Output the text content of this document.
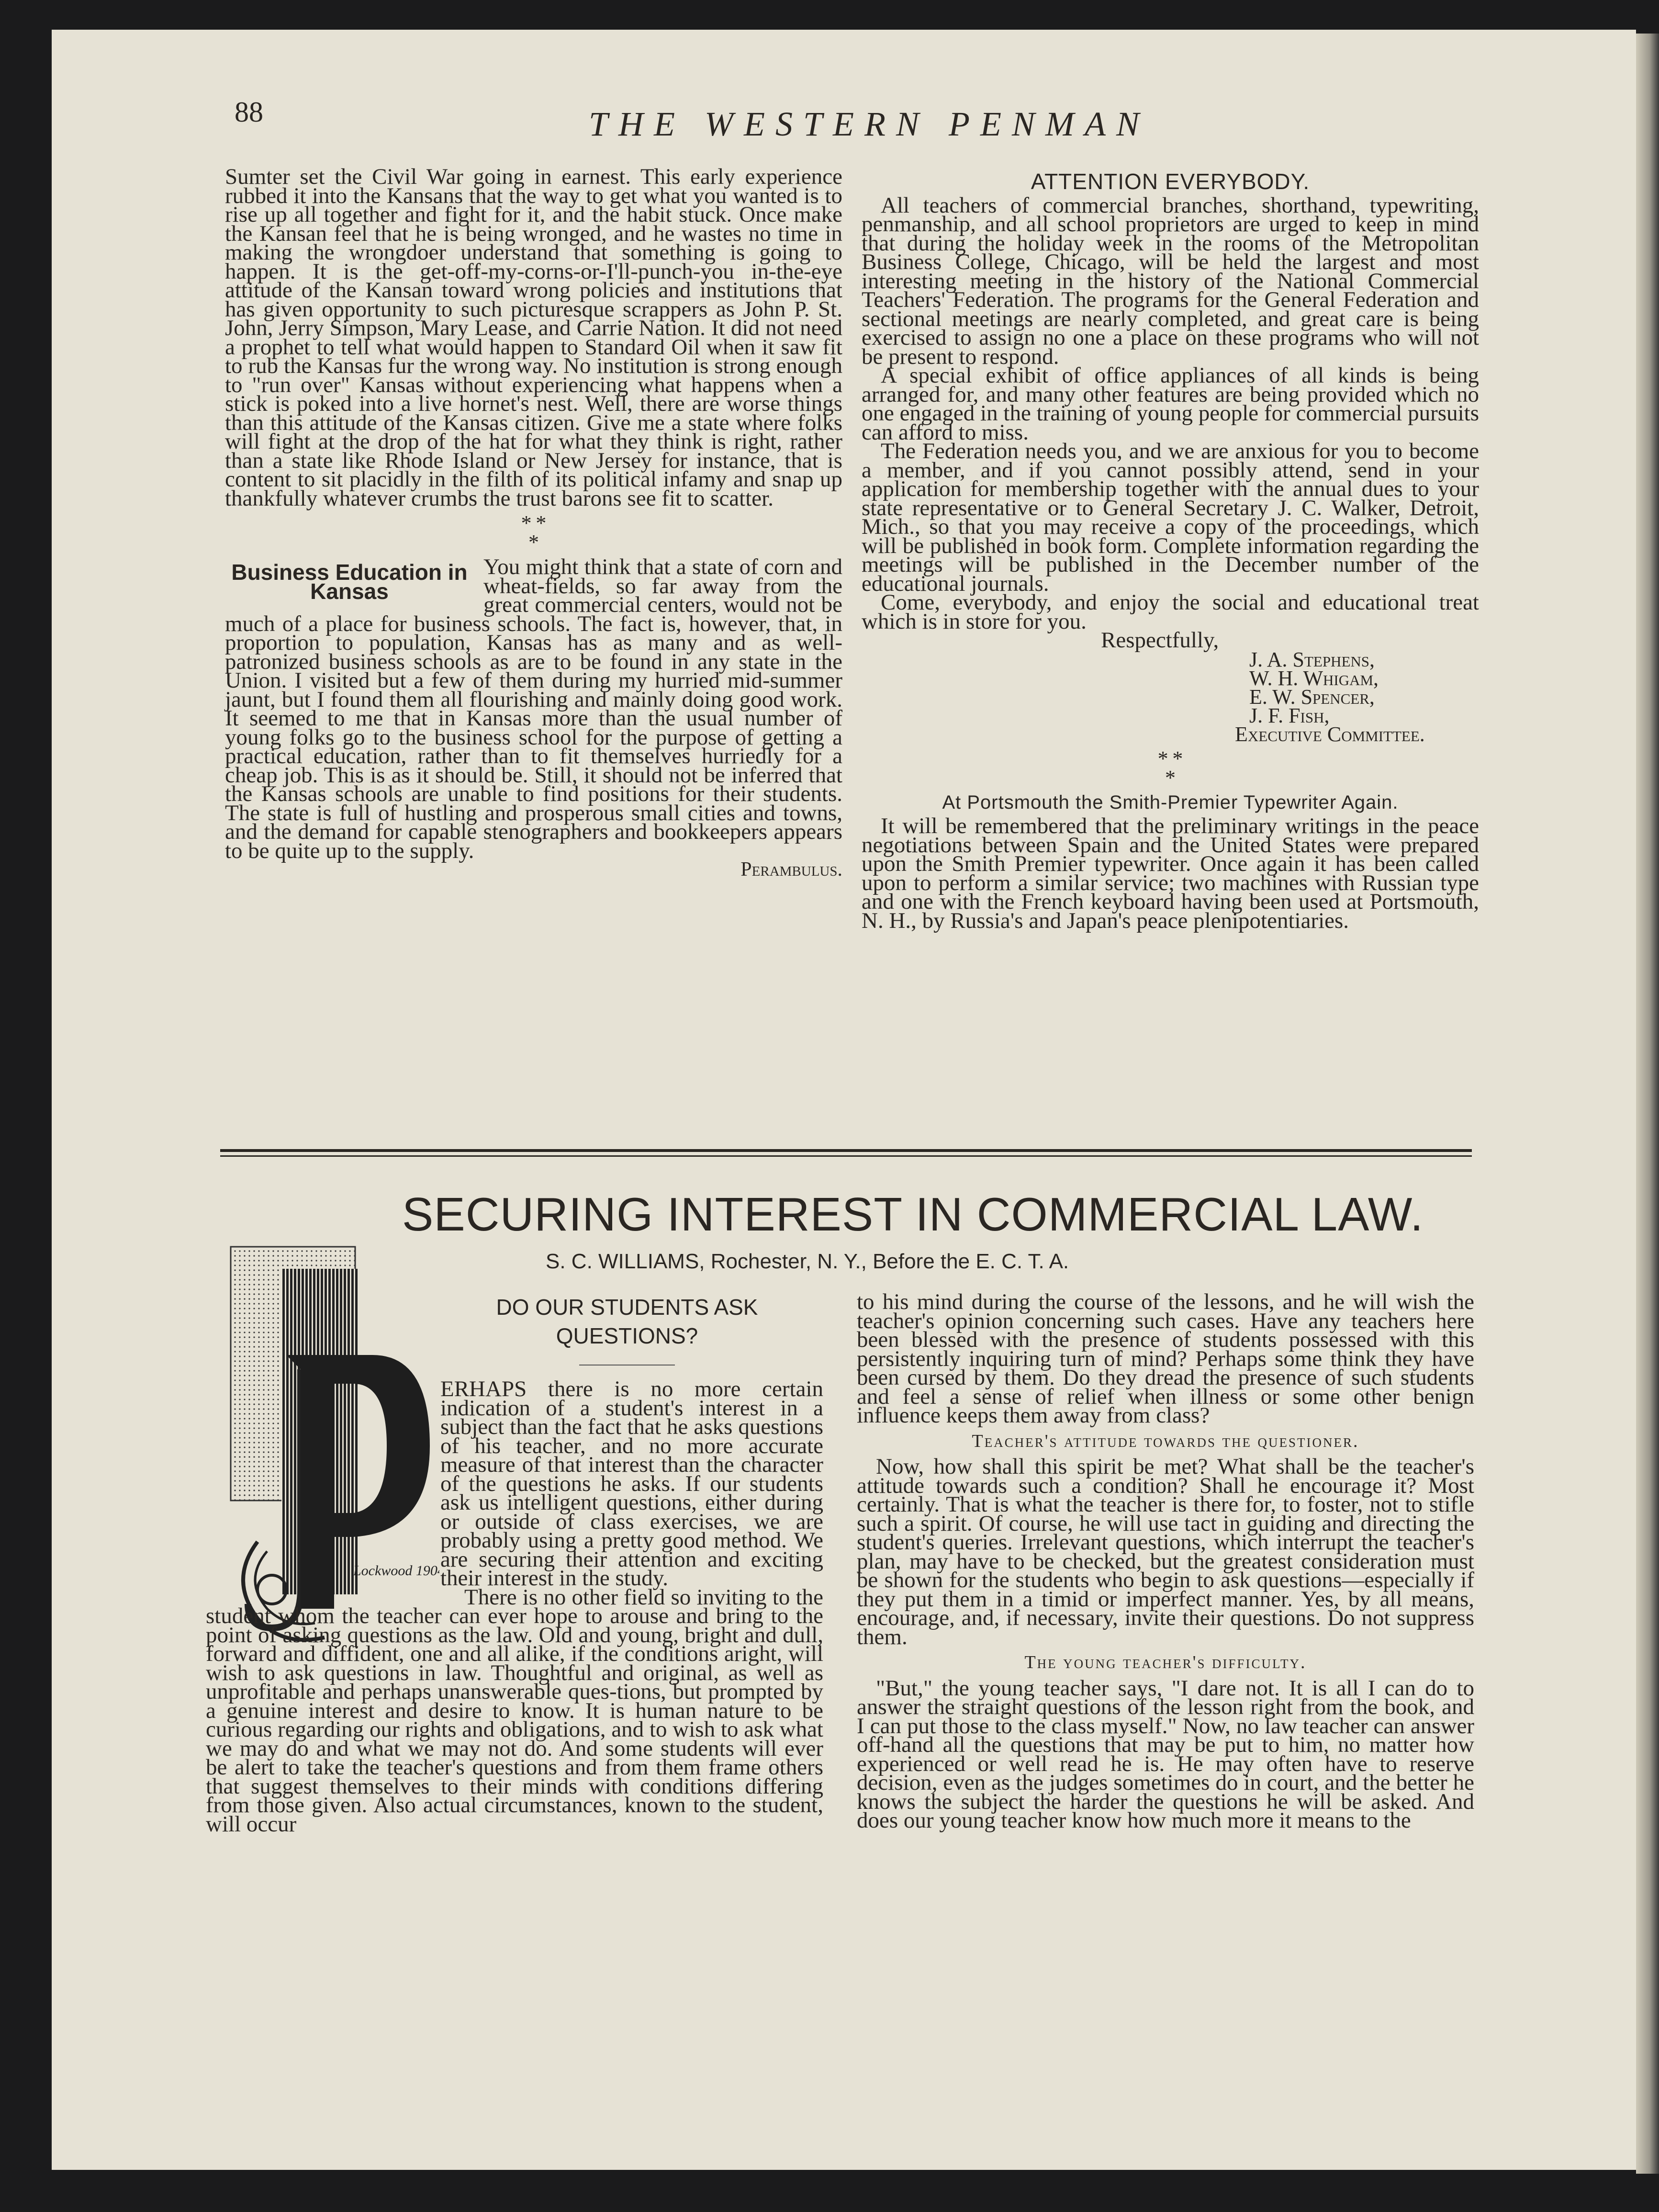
88	THE WESTERN PENMAN

Sumter set the Civil War going in earnest. This early experience rubbed it into the Kansans that the way to get what you wanted is to rise up all together and fight for it, and the habit stuck. Once make the Kansan feel that he is being wronged, and he wastes no time in making the wrongdoer understand that something is going to happen. It is the get-off-my-corns-or-I'll-punch-you in-the-eye attitude of the Kansan toward wrong policies and institutions that has given opportunity to such picturesque scrappers as John P. St. John, Jerry Simpson, Mary Lease, and Carrie Nation. It did not need a prophet to tell what would happen to Standard Oil when it saw fit to rub the Kansas fur the wrong way. No institution is strong enough to "run over" Kansas without experiencing what happens when a stick is poked into a live hornet's nest. Well, there are worse things than this attitude of the Kansas citizen. Give me a state where folks will fight at the drop of the hat for what they think is right, rather than a state like Rhode Island or New Jersey for instance, that is content to sit placidly in the filth of its political infamy and snap up thankfully whatever crumbs the trust barons see fit to scatter.

* *
*
Business Education in Kansas

You might think that a state of corn and wheat-fields, so far away from the great commercial centers, would not be much of a place for business schools. The fact is, however, that, in proportion to population, Kansas has as many and as well-patronized business schools as are to be found in any state in the Union. I visited but a few of them during my hurried mid-summer jaunt, but I found them all flourishing and mainly doing good work. It seemed to me that in Kansas more than the usual number of young folks go to the business school for the purpose of getting a practical education, rather than to fit themselves hurriedly for a cheap job. This is as it should be. Still, it should not be inferred that the Kansas schools are unable to find positions for their students. The state is full of hustling and prosperous small cities and towns, and the demand for capable stenographers and bookkeepers appears to be quite up to the supply.

Perambulus.
ATTENTION EVERYBODY.

All teachers of commercial branches, shorthand, typewriting, penmanship, and all school proprietors are urged to keep in mind that during the holiday week in the rooms of the Metropolitan Business College, Chicago, will be held the largest and most interesting meeting in the history of the National Commercial Teachers' Federation. The programs for the General Federation and sectional meetings are nearly completed, and great care is being exercised to assign no one a place on these programs who will not be present to respond.

A special exhibit of office appliances of all kinds is being arranged for, and many other features are being provided which no one engaged in the training of young people for commercial pursuits can afford to miss.

The Federation needs you, and we are anxious for you to become a member, and if you cannot possibly attend, send in your application for membership together with the annual dues to your state representative or to General Secretary J. C. Walker, Detroit, Mich., so that you may receive a copy of the proceedings, which will be published in book form. Complete information regarding the meetings will be published in the December number of the educational journals.

Come, everybody, and enjoy the social and educational treat which is in store for you.

Respectfully,
J. A. Stephens,
W. H. Whigam,
E. W. Spencer,
J. F. Fish,
Executive Committee.
* *
*
At Portsmouth the Smith-Premier Typewriter Again.

It will be remembered that the preliminary writings in the peace negotiations between Spain and the United States were prepared upon the Smith Premier typewriter. Once again it has been called upon to perform a similar service; two machines with Russian type and one with the French keyboard having been used at Portsmouth, N. H., by Russia's and Japan's peace plenipotentiaries.

SECURING INTEREST IN COMMERCIAL LAW.
S. C. WILLIAMS, Rochester, N. Y., Before the E. C. T. A.
Lockwood 1904
DO OUR STUDENTS ASK QUESTIONS?

ERHAPS there is no more certain indication of a student's interest in a subject than the fact that he asks questions of his teacher, and no more accurate measure of that interest than the character of the questions he asks. If our students ask us intelligent questions, either during or outside of class exercises, we are probably using a pretty good method. We are securing their attention and exciting their interest in the study.

There is no other field so inviting to the student whom the teacher can ever hope to arouse and bring to the point of asking questions as the law. Old and young, bright and dull, forward and diffident, one and all alike, if the conditions aright, will wish to ask questions in law. Thoughtful and original, as well as unprofitable and perhaps unanswerable ques-tions, but prompted by a genuine interest and desire to know. It is human nature to be curious regarding our rights and obligations, and to wish to ask what we may do and what we may not do. And some students will ever be alert to take the teacher's questions and from them frame others that suggest themselves to their minds with conditions differing from those given. Also actual circumstances, known to the student, will occur

to his mind during the course of the lessons, and he will wish the teacher's opinion concerning such cases. Have any teachers here been blessed with the presence of students possessed with this persistently inquiring turn of mind? Perhaps some think they have been cursed by them. Do they dread the presence of such students and feel a sense of relief when illness or some other benign influence keeps them away from class?

Teacher's attitude towards the questioner.

Now, how shall this spirit be met? What shall be the teacher's attitude towards such a condition? Shall he encourage it? Most certainly. That is what the teacher is there for, to foster, not to stifle such a spirit. Of course, he will use tact in guiding and directing the student's queries. Irrelevant questions, which interrupt the teacher's plan, may have to be checked, but the greatest consideration must be shown for the students who begin to ask questions—especially if they put them in a timid or imperfect manner. Yes, by all means, encourage, and, if necessary, invite their questions. Do not suppress them.

The young teacher's difficulty.

"But," the young teacher says, "I dare not. It is all I can do to answer the straight questions of the lesson right from the book, and I can put those to the class myself." Now, no law teacher can answer off-hand all the questions that may be put to him, no matter how experienced or well read he is. He may often have to reserve decision, even as the judges sometimes do in court, and the better he knows the subject the harder the questions he will be asked. And does our young teacher know how much more it means to the
